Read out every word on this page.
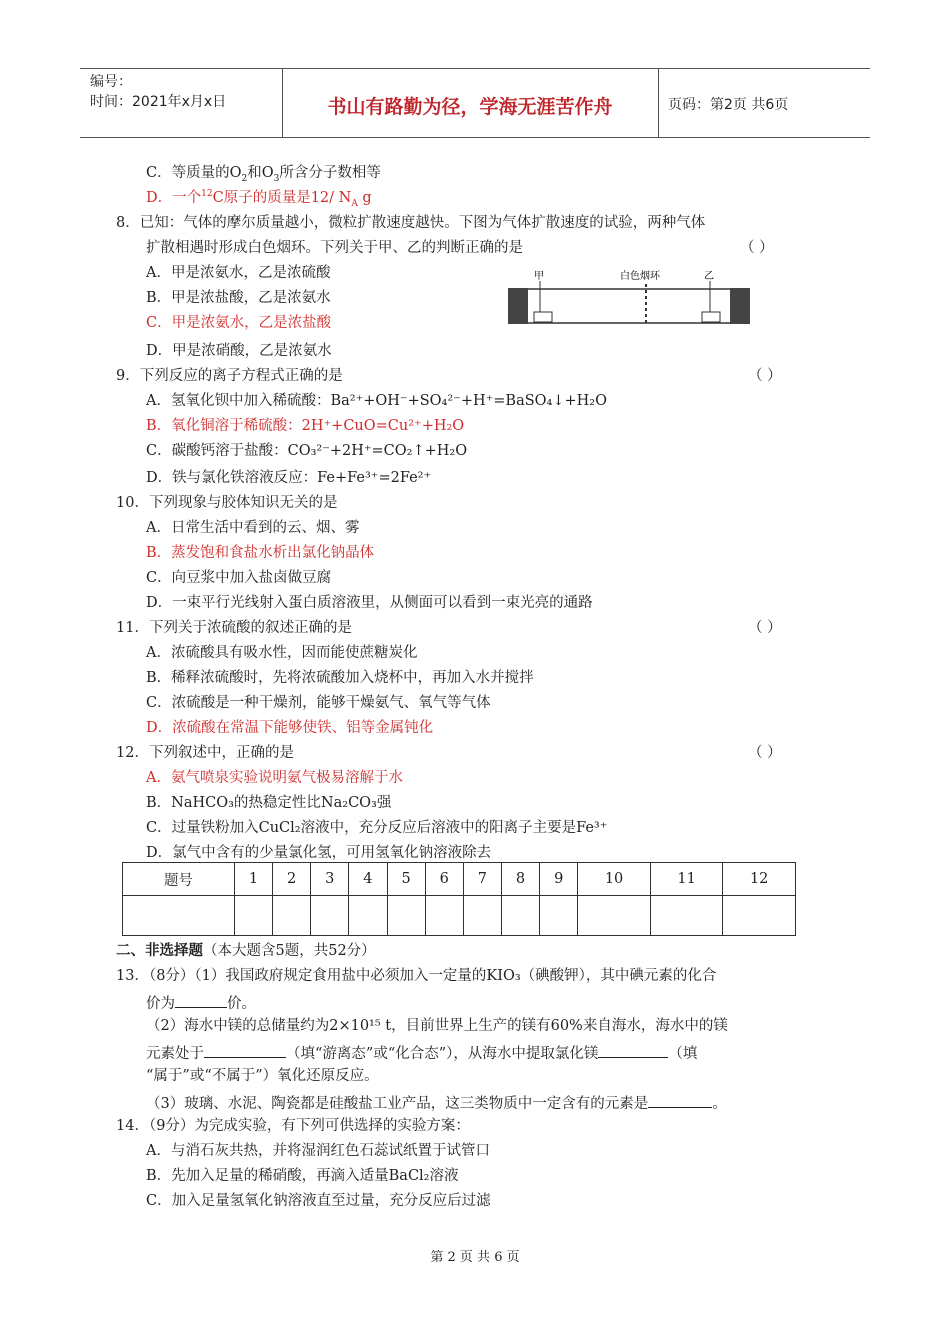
编号：
时间：2021年x月x日	书山有路勤为径，学海无涯苦作舟	页码：第2页 共6页
C．等质量的$O_2$和$O_3$所含分子数相等
D．一个$^{12}$C原子的质量是12/ $N_A$ g
8．已知：气体的摩尔质量越小，微粒扩散速度越快。下图为气体扩散速度的试验，两种气体
扩散相遇时形成白色烟环。下列关于甲、乙的判断正确的是	（ ）
A．甲是浓氨水，乙是浓硫酸
B．甲是浓盐酸，乙是浓氨水
C．甲是浓氨水，乙是浓盐酸
D．甲是浓硝酸，乙是浓氨水
甲	白色烟环	乙
9．下列反应的离子方程式正确的是	（ ）
A．氢氧化钡中加入稀硫酸：Ba²⁺+OH⁻+SO₄²⁻+H⁺=BaSO₄↓+H₂O
B．氧化铜溶于稀硫酸：2H⁺+CuO=Cu²⁺+H₂O
C．碳酸钙溶于盐酸：CO₃²⁻+2H⁺=CO₂↑+H₂O
D．铁与氯化铁溶液反应：Fe+Fe³⁺=2Fe²⁺
10．下列现象与胶体知识无关的是
A．日常生活中看到的云、烟、雾
B．蒸发饱和食盐水析出氯化钠晶体
C．向豆浆中加入盐卤做豆腐
D．一束平行光线射入蛋白质溶液里，从侧面可以看到一束光亮的通路
11．下列关于浓硫酸的叙述正确的是	（ ）
A．浓硫酸具有吸水性，因而能使蔗糖炭化
B．稀释浓硫酸时，先将浓硫酸加入烧杯中，再加入水并搅拌
C．浓硫酸是一种干燥剂，能够干燥氨气、氧气等气体
D．浓硫酸在常温下能够使铁、铝等金属钝化
12．下列叙述中，正确的是	（ ）
A．氨气喷泉实验说明氨气极易溶解于水
B．NaHCO₃的热稳定性比Na₂CO₃强
C．过量铁粉加入CuCl₂溶液中，充分反应后溶液中的阳离子主要是Fe³⁺
D．氯气中含有的少量氯化氢，可用氢氧化钠溶液除去
题号	1	2	3	4	5	6	7	8	9	10	11	12

二、非选择题（本大题含5题，共52分）
13．（8分）（1）我国政府规定食用盐中必须加入一定量的KIO₃（碘酸钾），其中碘元素的化合
价为	价。
（2）海水中镁的总储量约为2×10¹⁵ t，目前世界上生产的镁有60%来自海水，海水中的镁
元素处于	（填“游离态”或“化合态”），从海水中提取氯化镁	（填
“属于”或“不属于”）氧化还原反应。
（3）玻璃、水泥、陶瓷都是硅酸盐工业产品，这三类物质中一定含有的元素是	。
14．（9分）为完成实验，有下列可供选择的实验方案：
A．与消石灰共热，并将湿润红色石蕊试纸置于试管口
B．先加入足量的稀硝酸，再滴入适量BaCl₂溶液
C．加入足量氢氧化钠溶液直至过量，充分反应后过滤
第 2 页 共 6 页
